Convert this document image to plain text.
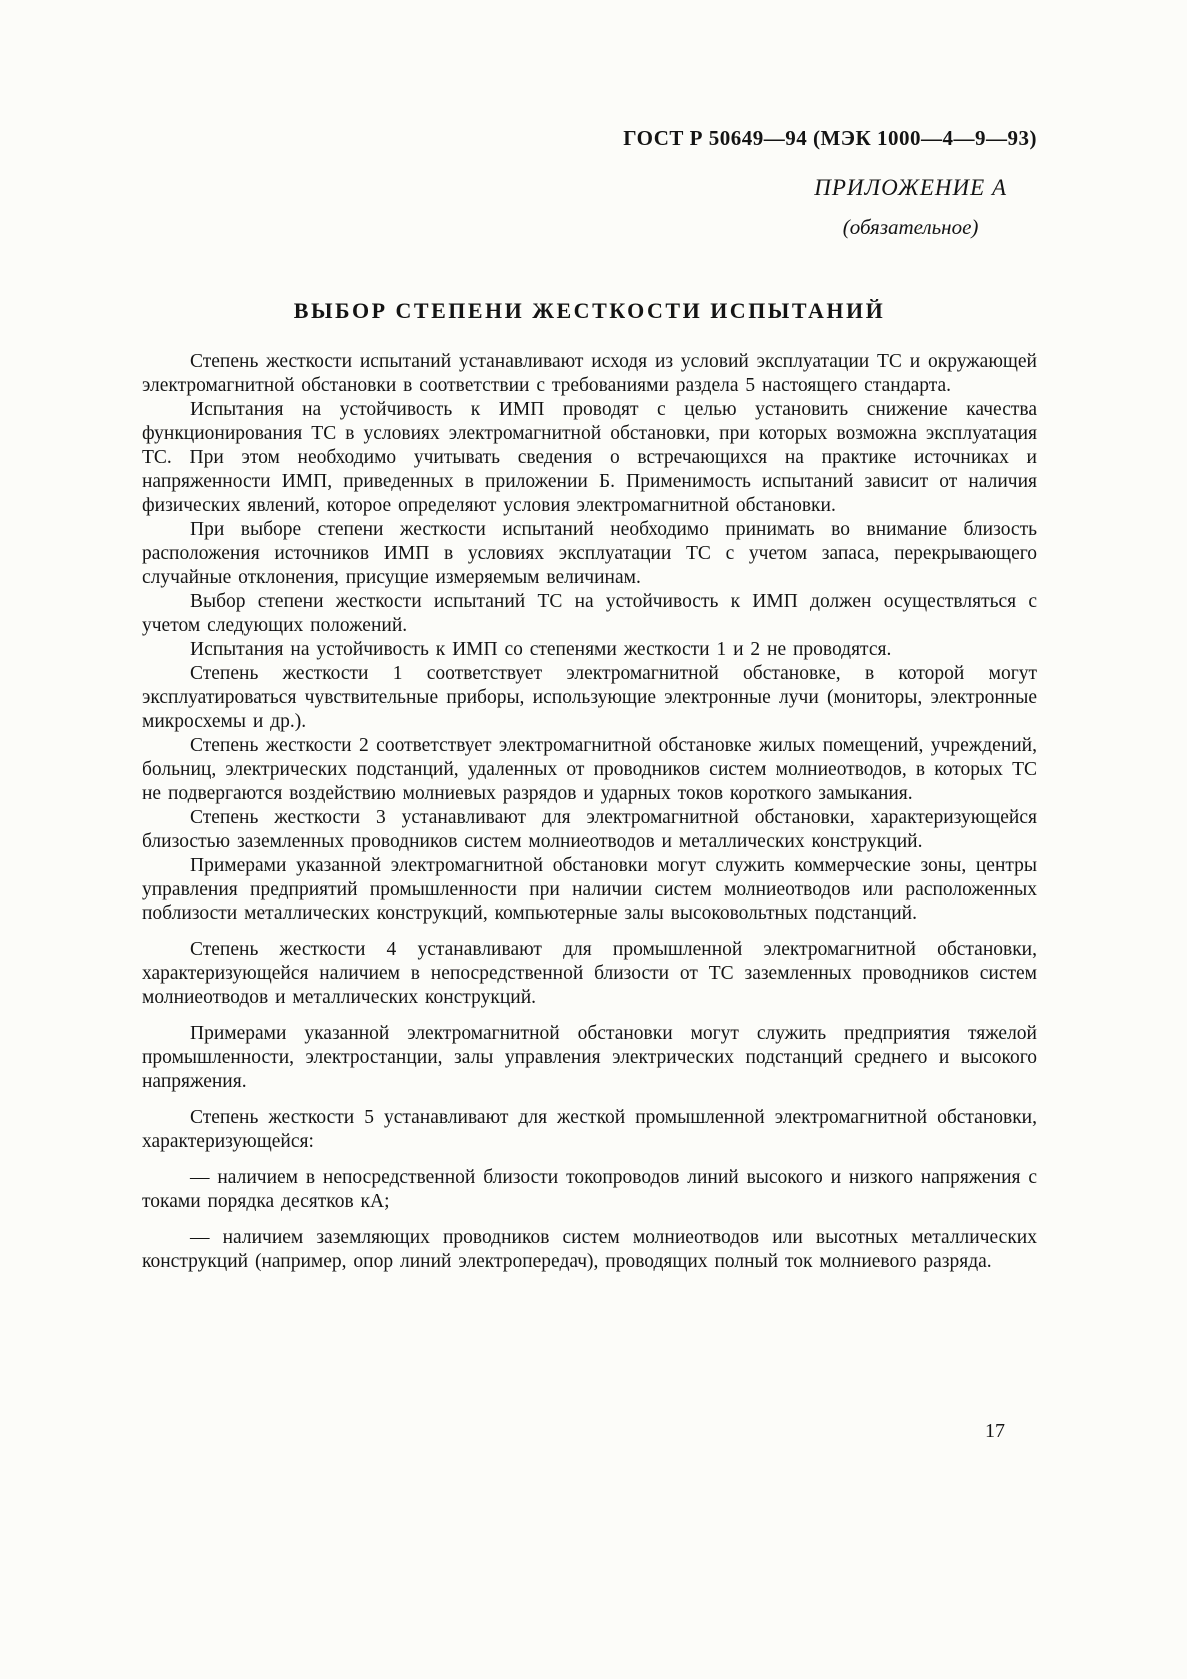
ГОСТ Р 50649—94 (МЭК 1000—4—9—93)
ПРИЛОЖЕНИЕ А
(обязательное)
ВЫБОР СТЕПЕНИ ЖЕСТКОСТИ ИСПЫТАНИЙ

Степень жесткости испытаний устанавливают исходя из условий эксплуатации ТС и окружающей электромагнитной обстановки в соответствии с требованиями раздела 5 настоящего стандарта.

Испытания на устойчивость к ИМП проводят с целью установить снижение качества функционирования ТС в условиях электромагнитной обстановки, при которых возможна эксплуатация ТС. При этом необходимо учитывать сведения о встречающихся на практике источниках и напряженности ИМП, приведенных в приложении Б. Применимость испытаний зависит от наличия физических явлений, которое определяют условия электромагнитной обстановки.

При выборе степени жесткости испытаний необходимо принимать во внимание близость расположения источников ИМП в условиях эксплуатации ТС с учетом запаса, перекрывающего случайные отклонения, присущие измеряемым величинам.

Выбор степени жесткости испытаний ТС на устойчивость к ИМП должен осуществляться с учетом следующих положений.

Испытания на устойчивость к ИМП со степенями жесткости 1 и 2 не проводятся.

Степень жесткости 1 соответствует электромагнитной обстановке, в которой могут эксплуатироваться чувствительные приборы, использующие электронные лучи (мониторы, электронные микросхемы и др.).

Степень жесткости 2 соответствует электромагнитной обстановке жилых помещений, учреждений, больниц, электрических подстанций, удаленных от проводников систем молниеотводов, в которых ТС не подвергаются воздействию молниевых разрядов и ударных токов короткого замыкания.

Степень жесткости 3 устанавливают для электромагнитной обстановки, характеризующейся близостью заземленных проводников систем молниеотводов и металлических конструкций.

Примерами указанной электромагнитной обстановки могут служить коммерческие зоны, центры управления предприятий промышленности при наличии систем молниеотводов или расположенных поблизости металлических конструкций, компьютерные залы высоковольтных подстанций.

Степень жесткости 4 устанавливают для промышленной электромагнитной обстановки, характеризующейся наличием в непосредственной близости от ТС заземленных проводников систем молниеотводов и металлических конструкций.

Примерами указанной электромагнитной обстановки могут служить предприятия тяжелой промышленности, электростанции, залы управления электрических подстанций среднего и высокого напряжения.

Степень жесткости 5 устанавливают для жесткой промышленной электромагнитной обстановки, характеризующейся:

— наличием в непосредственной близости токопроводов линий высокого и низкого напряжения с токами порядка десятков кА;

— наличием заземляющих проводников систем молниеотводов или высотных металлических конструкций (например, опор линий электропередач), проводящих полный ток молниевого разряда.

17
